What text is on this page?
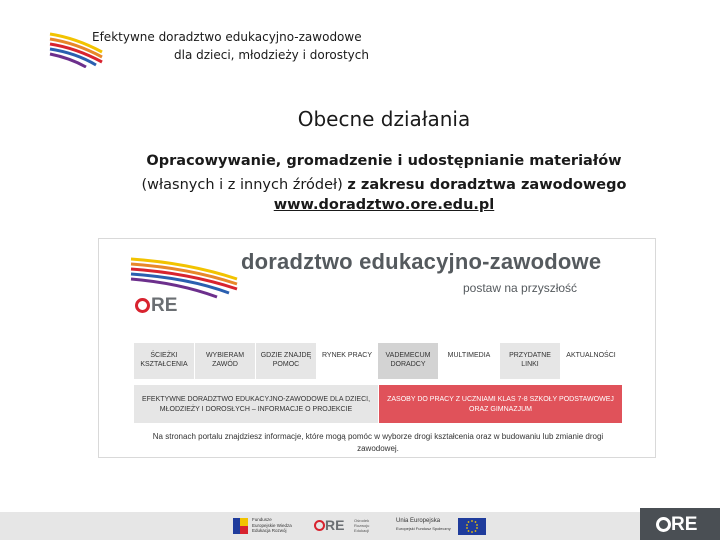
Efektywne doradztwo edukacyjno-zawodowe
dla dzieci, młodzieży i dorostych
Obecne działania
Opracowywanie, gromadzenie i udostępnianie materiałów
(własnych i z innych źródeł) z zakresu doradztwa zawodowego
www.doradztwo.ore.edu.pl
doradztwo edukacyjno-zawodowe
postaw na przyszłość
RE
ŚCIEŻKI KSZTAŁCENIA
WYBIERAM ZAWÓD
GDZIE ZNAJDĘ POMOC
RYNEK PRACY	VADEMECUM DORADCY
MULTIMEDIA	PRZYDATNE LINKI
AKTUALNOŚCI
EFEKTYWNE DORADZTWO EDUKACYJNO-ZAWODOWE DLA DZIECI, MŁODZIEŻY I DOROSŁYCH – INFORMACJE O PROJEKCIE
ZASOBY DO PRACY Z UCZNIAMI KLAS 7-8 SZKOŁY PODSTAWOWEJ ORAZ GIMNAZJUM
Na stronach portalu znajdziesz informacje, które mogą pomóc w wyborze drogi kształcenia oraz w budowaniu lub zmianie drogi zawodowej.
Fundusze Europejskie Wiedza Edukacja Rozwój	RE Ośrodek Rozwoju Edukacji
Unia Europejska
Europejski Fundusz Społeczny	RE
